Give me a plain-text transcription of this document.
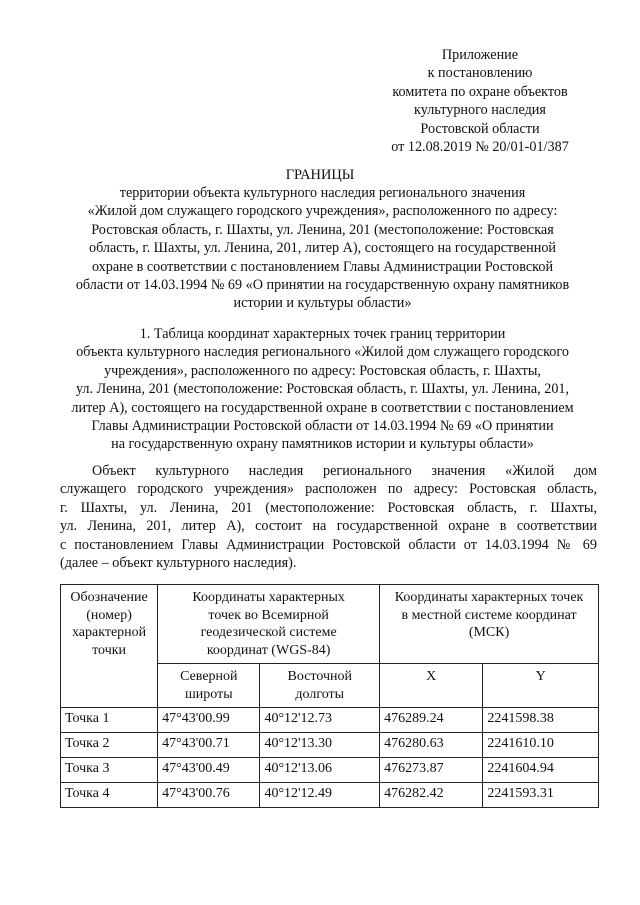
Приложение
к постановлению
комитета по охране объектов
культурного наследия
Ростовской области
от 12.08.2019 № 20/01-01/387
ГРАНИЦЫ
территории объекта культурного наследия регионального значения
«Жилой дом служащего городского учреждения», расположенного по адресу:
Ростовская область, г. Шахты, ул. Ленина, 201 (местоположение: Ростовская
область, г. Шахты, ул. Ленина, 201, литер А), состоящего на государственной
охране в соответствии с постановлением Главы Администрации Ростовской
области от 14.03.1994 № 69 «О принятии на государственную охрану памятников
истории и культуры области»
1. Таблица координат характерных точек границ территории
объекта культурного наследия регионального «Жилой дом служащего городского
учреждения», расположенного по адресу: Ростовская область, г. Шахты,
ул. Ленина, 201 (местоположение: Ростовская область, г. Шахты, ул. Ленина, 201,
литер А), состоящего на государственной охране в соответствии с постановлением
Главы Администрации Ростовской области от 14.03.1994 № 69 «О принятии
на государственную охрану памятников истории и культуры области»
Объект культурного наследия регионального значения «Жилой дом
служащего городского учреждения» расположен по адресу: Ростовская область,
г. Шахты, ул. Ленина, 201 (местоположение: Ростовская область, г. Шахты,
ул. Ленина, 201, литер А), состоит на государственной охране в соответствии
с постановлением Главы Администрации Ростовской области от 14.03.1994 № 69
(далее – объект культурного наследия).
Обозначение
(номер)
характерной
точки	Координаты характерных
точек во Всемирной
геодезической системе
координат (WGS-84)		Координаты характерных точек
в местной системе координат
(МСК)	

	Северной
широты	Восточной
долготы	X	Y
Точка 1	47°43'00.99	40°12'12.73	476289.24	2241598.38
Точка 2	47°43'00.71	40°12'13.30	476280.63	2241610.10
Точка 3	47°43'00.49	40°12'13.06	476273.87	2241604.94
Точка 4	47°43'00.76	40°12'12.49	476282.42	2241593.31
